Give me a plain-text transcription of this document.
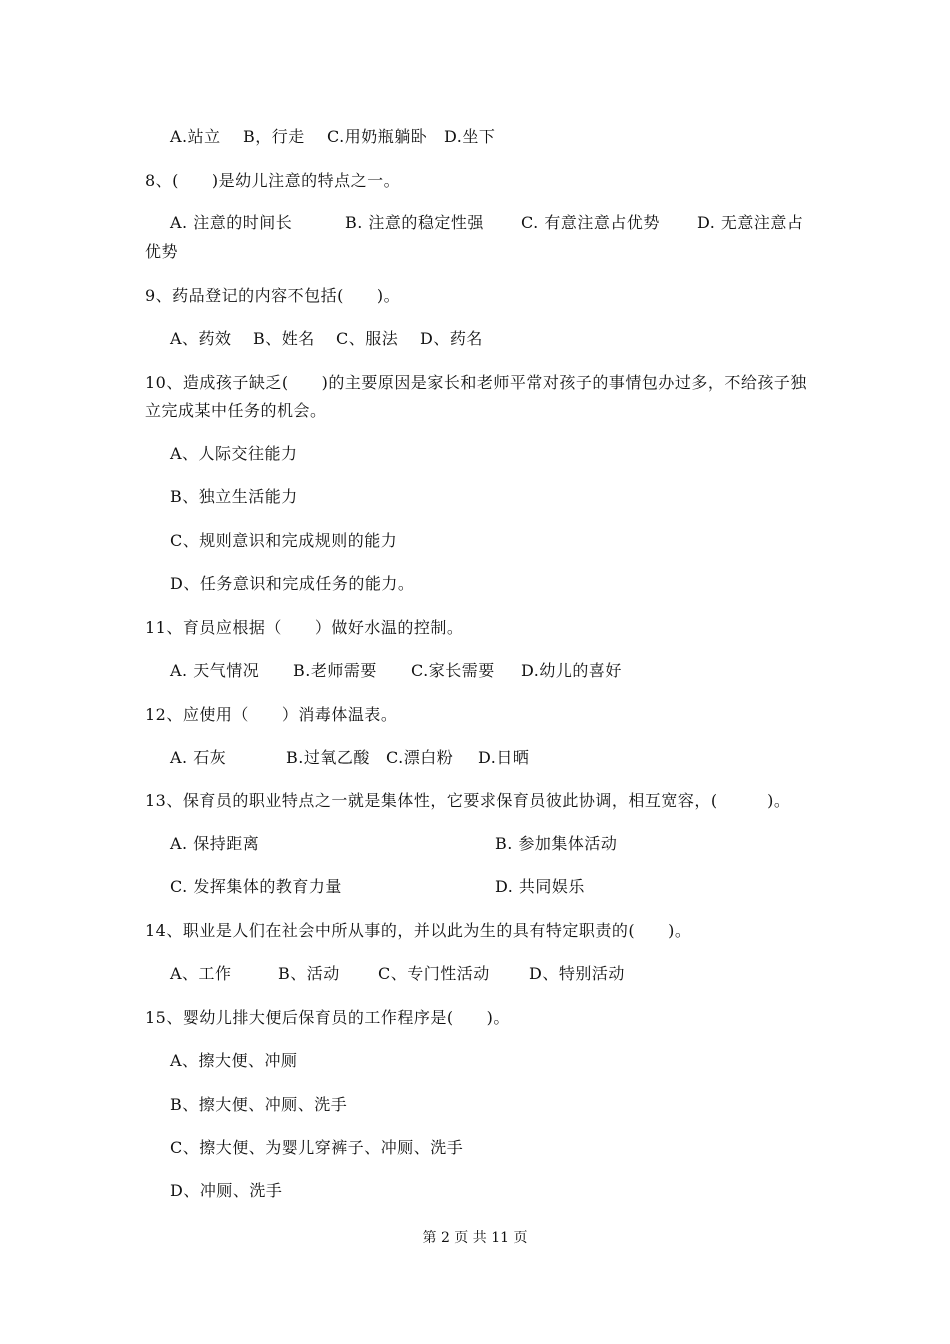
A.站立 B，行走 C.用奶瓶躺卧 D.坐下
8、(　　)是幼儿注意的特点之一。
A. 注意的时间长	B. 注意的稳定性强 C. 有意注意占优势 D. 无意注意占
优势
9、药品登记的内容不包括(　　)。
A、药效 B、姓名 C、服法 D、药名
10、造成孩子缺乏(　　)的主要原因是家长和老师平常对孩子的事情包办过多，不给孩子独
立完成某中任务的机会。
A、人际交往能力
B、独立生活能力
C、规则意识和完成规则的能力
D、任务意识和完成任务的能力。
11、育员应根据（　　）做好水温的控制。
A. 天气情况 B.老师需要 C.家长需要 D.幼儿的喜好
12、应使用（　　）消毒体温表。
A. 石灰	B.过氧乙酸 C.漂白粉 D.日晒
13、保育员的职业特点之一就是集体性，它要求保育员彼此协调，相互宽容，(　　　)。
A. 保持距离	B. 参加集体活动
C. 发挥集体的教育力量	D. 共同娱乐
14、职业是人们在社会中所从事的，并以此为生的具有特定职责的(　　)。
A、工作	B、活动 C、专门性活动 D、特别活动
15、婴幼儿排大便后保育员的工作程序是(　　)。
A、擦大便、冲厕
B、擦大便、冲厕、洗手
C、擦大便、为婴儿穿裤子、冲厕、洗手
D、冲厕、洗手
第 2 页 共 11 页
